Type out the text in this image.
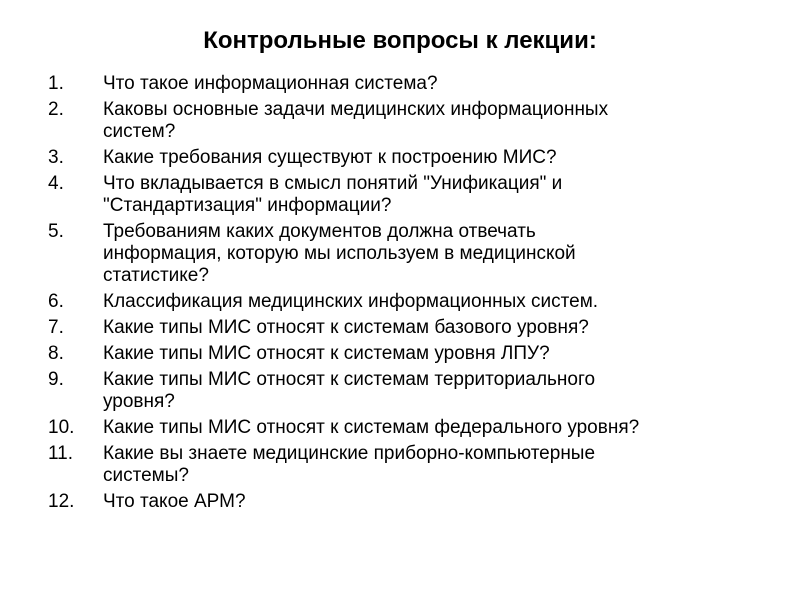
Контрольные вопросы к лекции:
1.	Что такое информационная система?
2.	Каковы основные задачи медицинских информационных
систем?
3.	Какие требования существуют к построению МИС?
4.	Что вкладывается в смысл понятий "Унификация" и
"Стандартизация" информации?
5.	Требованиям каких документов должна отвечать
информация, которую мы используем в медицинской
статистике?
6.	Классификация медицинских информационных систем.
7.	Какие типы МИС относят к системам базового уровня?
8.	Какие типы МИС относят к системам уровня ЛПУ?
9.	Какие типы МИС относят к системам территориального
уровня?
10.	Какие типы МИС относят к системам федерального уровня?
11.	Какие вы знаете медицинские приборно-компьютерные
системы?
12.	Что такое АРМ?
